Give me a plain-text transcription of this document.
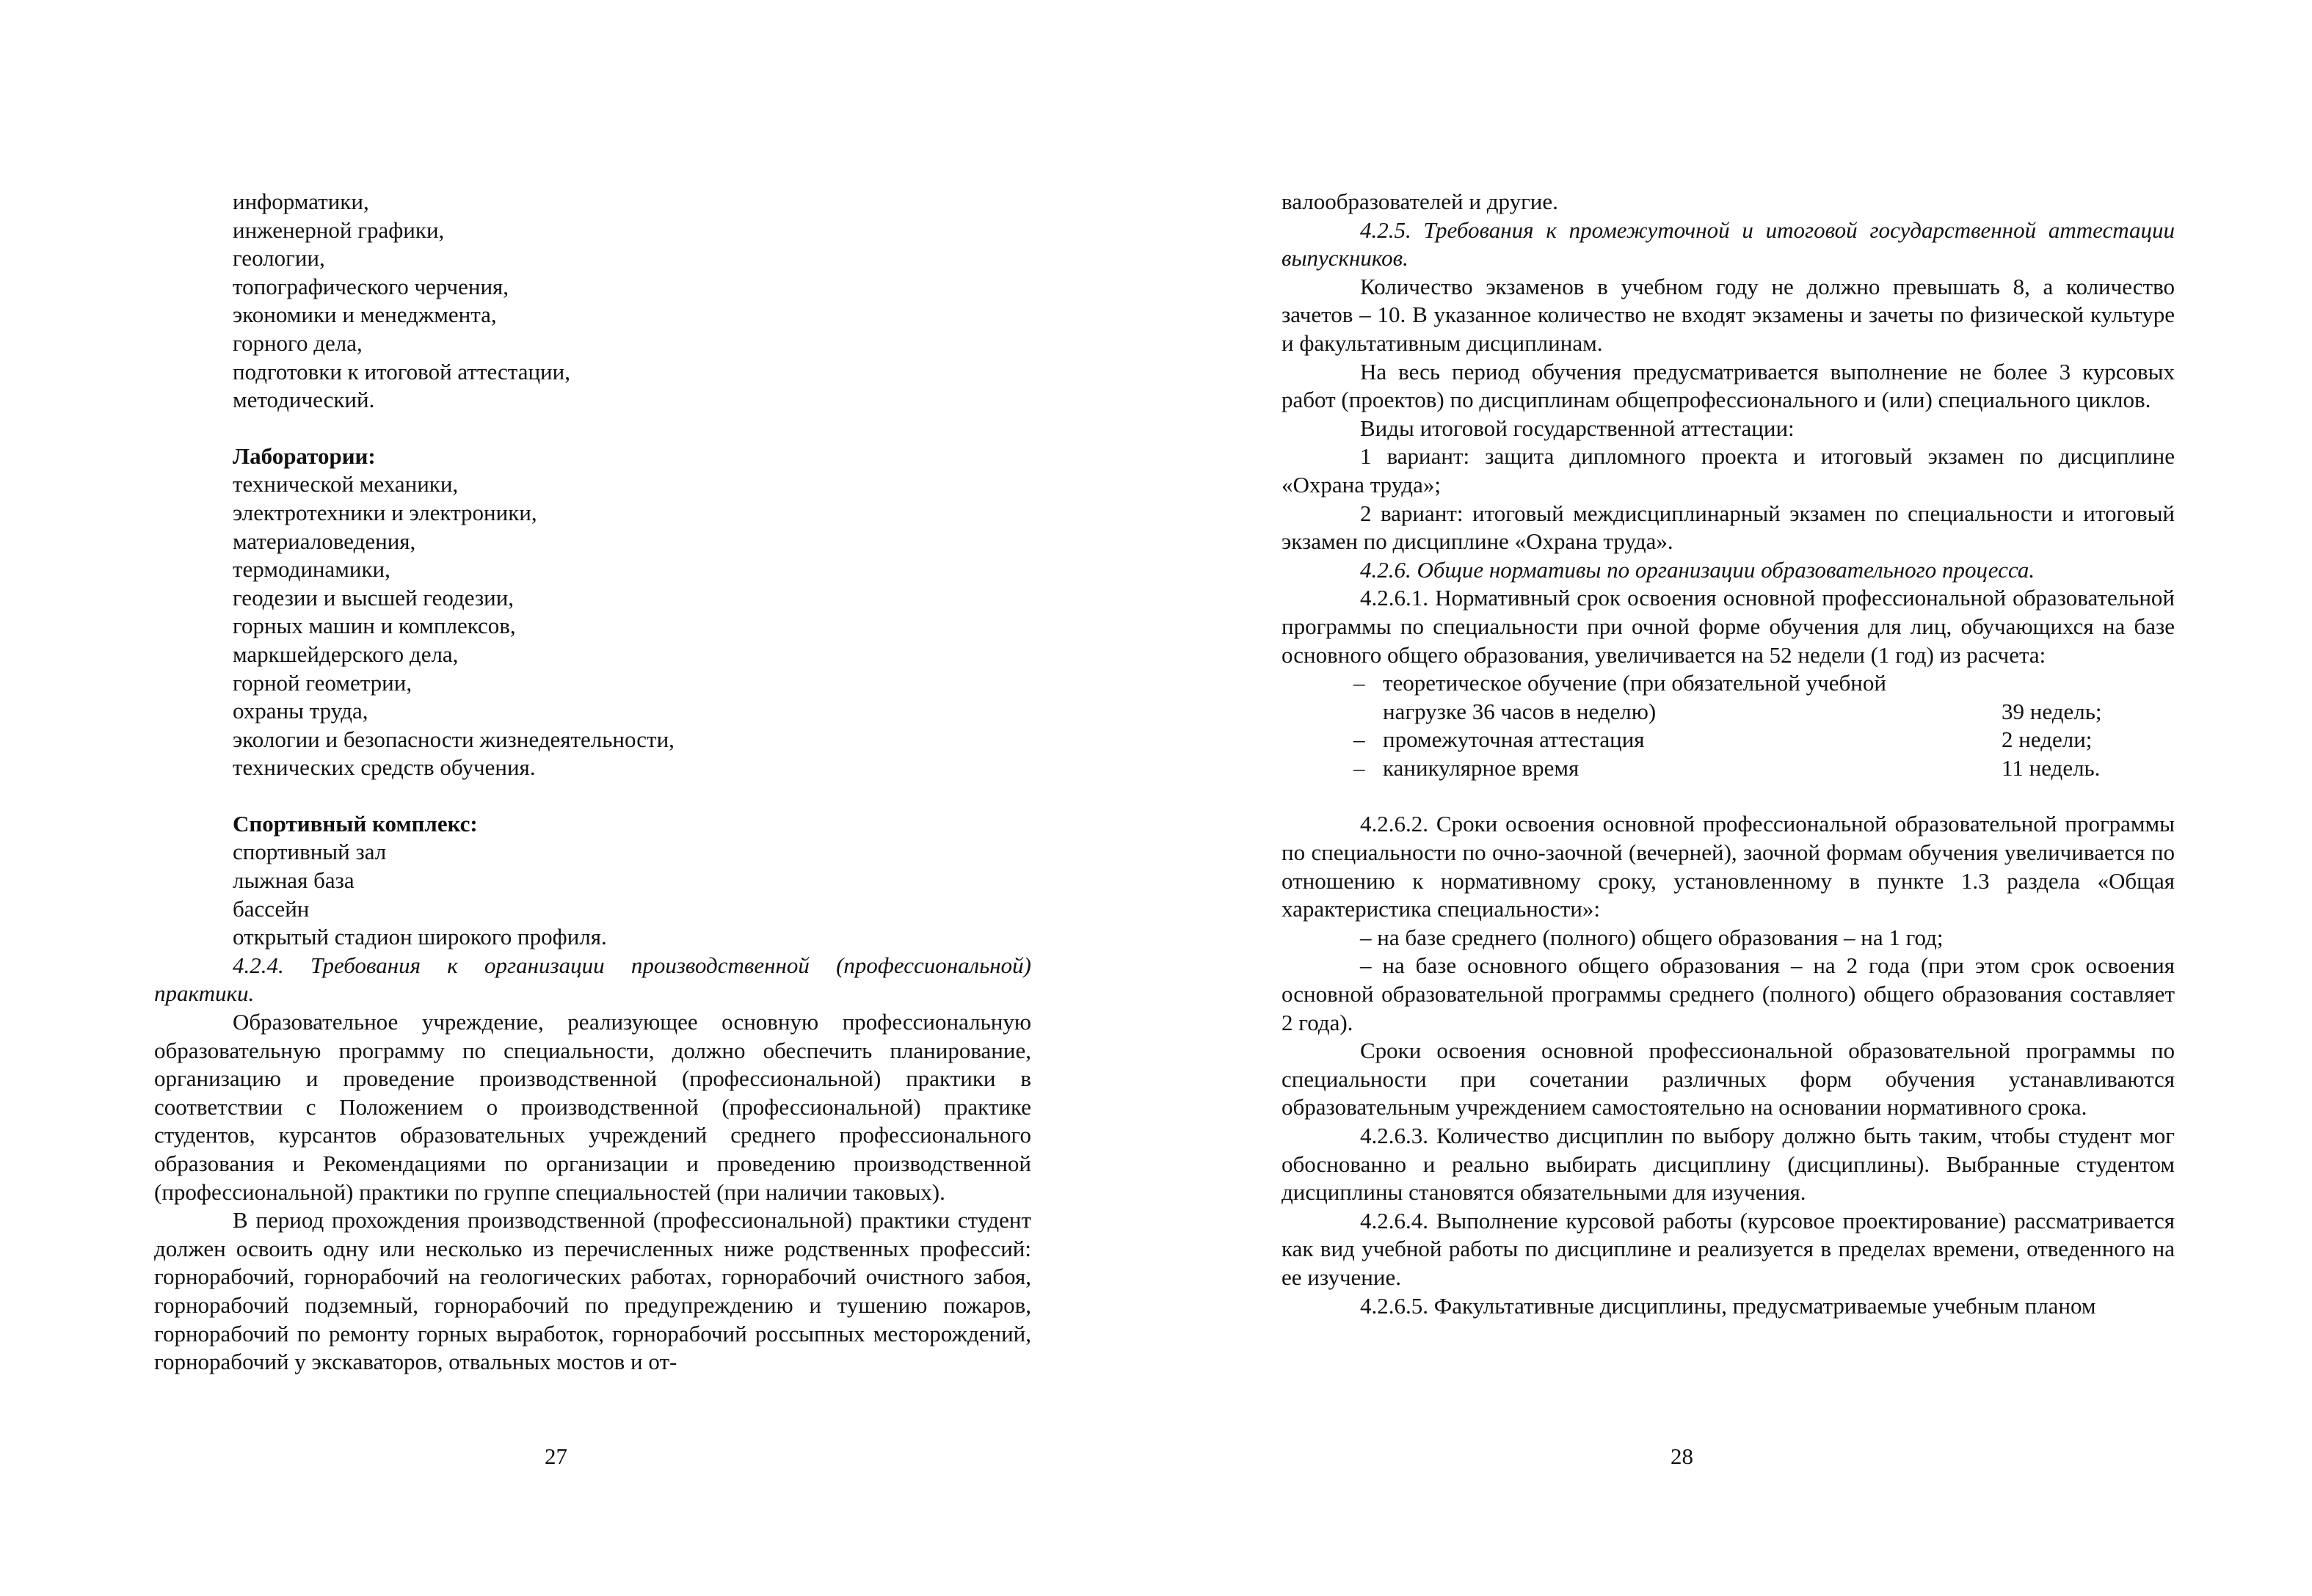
информатики,
инженерной графики,
геологии,
топографического черчения,
экономики и менеджмента,
горного дела,
подготовки к итоговой аттестации,
методический.
Лаборатории:
технической механики,
электротехники и электроники,
материаловедения,
термодинамики,
геодезии и высшей геодезии,
горных машин и комплексов,
маркшейдерского дела,
горной геометрии,
охраны труда,
экологии и безопасности жизнедеятельности,
технических средств обучения.
Спортивный комплекс:
спортивный зал
лыжная база
бассейн
открытый стадион широкого профиля.

4.2.4. Требования к организации производственной (профессиональной) практики.

Образовательное учреждение, реализующее основную профессиональную образовательную программу по специальности, должно обеспечить планирование, организацию и проведение производственной (профессиональной) практики в соответствии с Положением о производственной (профессиональной) практике студентов, курсантов образовательных учреждений среднего профессионального образования и Рекомендациями по организации и проведению производственной (профессиональной) практики по группе специальностей (при наличии таковых).

В период прохождения производственной (профессиональной) практики студент должен освоить одну или несколько из перечисленных ниже родственных профессий: горнорабочий, горнорабочий на геологических работах, горнорабочий очистного забоя, горнорабочий подземный, горнорабочий по предупреждению и тушению пожаров, горнорабочий по ремонту горных выработок, горнорабочий россыпных месторождений, горнорабочий у экскаваторов, отвальных мостов и от-

27
валообразователей и другие.

4.2.5. Требования к промежуточной и итоговой государственной аттестации выпускников.

Количество экзаменов в учебном году не должно превышать 8, а количество зачетов – 10. В указанное количество не входят экзамены и зачеты по физической культуре и факультативным дисциплинам.

На весь период обучения предусматривается выполнение не более 3 курсовых работ (проектов) по дисциплинам общепрофессионального и (или) специального циклов.

Виды итоговой государственной аттестации:

1 вариант: защита дипломного проекта и итоговый экзамен по дисциплине «Охрана труда»;

2 вариант: итоговый междисциплинарный экзамен по специальности и итоговый экзамен по дисциплине «Охрана труда».

4.2.6. Общие нормативы по организации образовательного процесса.

4.2.6.1. Нормативный срок освоения основной профессиональной образовательной программы по специальности при очной форме обучения для лиц, обучающихся на базе основного общего образования, увеличивается на 52 недели (1 год) из расчета:

–	теоретическое обучение (при обязательной учебной	

	нагрузке 36 часов в неделю)	39 недель;
–	промежуточная аттестация	2 недели;
–	каникулярное время	11 недель.

4.2.6.2. Сроки освоения основной профессиональной образовательной программы по специальности по очно-заочной (вечерней), заочной формам обучения увеличивается по отношению к нормативному сроку, установленному в пункте 1.3 раздела «Общая характеристика специальности»:

– на базе среднего (полного) общего образования – на 1 год;

– на базе основного общего образования – на 2 года (при этом срок освоения основной образовательной программы среднего (полного) общего образования составляет 2 года).

Сроки освоения основной профессиональной образовательной программы по специальности при сочетании различных форм обучения устанавливаются образовательным учреждением самостоятельно на основании нормативного срока.

4.2.6.3. Количество дисциплин по выбору должно быть таким, чтобы студент мог обоснованно и реально выбирать дисциплину (дисциплины). Выбранные студентом дисциплины становятся обязательными для изучения.

4.2.6.4. Выполнение курсовой работы (курсовое проектирование) рассматривается как вид учебной работы по дисциплине и реализуется в пределах времени, отведенного на ее изучение.

4.2.6.5. Факультативные дисциплины, предусматриваемые учебным планом

28
